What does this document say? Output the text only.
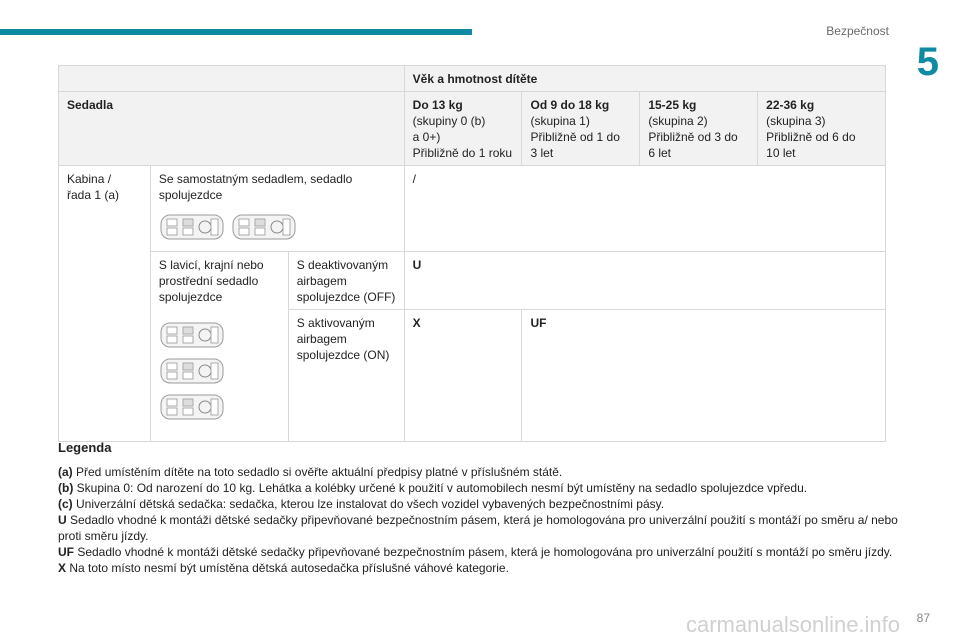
Bezpečnost
5
			Věk a hmotnost dítěte			
Sedadla			Do 13 kg
(skupiny 0 (b)
a 0+)
Přibližně do 1 roku	Od 9 do 18 kg
(skupina 1)
Přibližně od 1 do
3 let	15-25 kg
(skupina 2)
Přibližně od 3 do
6 let	22-36 kg
(skupina 3)
Přibližně od 6 do
10 let
Kabina /
řada 1 (a)	Se samostatným sedadlem, sedadlo spolujezdce		/			
	S lavicí, krajní nebo prostřední sedadlo spolujezdce	S deaktivovaným airbagem spolujezdce (OFF)	U			
		S aktivovaným airbagem spolujezdce (ON)	X	UF		
Legenda

(a) Před umístěním dítěte na toto sedadlo si ověřte aktuální předpisy platné v příslušném státě.

(b) Skupina 0: Od narození do 10 kg. Lehátka a kolébky určené k použití v automobilech nesmí být umístěny na sedadlo spolujezdce vpředu.

(c) Univerzální dětská sedačka: sedačka, kterou lze instalovat do všech vozidel vybavených bezpečnostními pásy.

U Sedadlo vhodné k montáži dětské sedačky připevňované bezpečnostním pásem, která je homologována pro univerzální použití s montáží po směru a/ nebo proti směru jízdy.

UF Sedadlo vhodné k montáži dětské sedačky připevňované bezpečnostním pásem, která je homologována pro univerzální použití s montáží po směru jízdy.

X Na toto místo nesmí být umístěna dětská autosedačka příslušné váhové kategorie.

carmanualsonline.info 87
